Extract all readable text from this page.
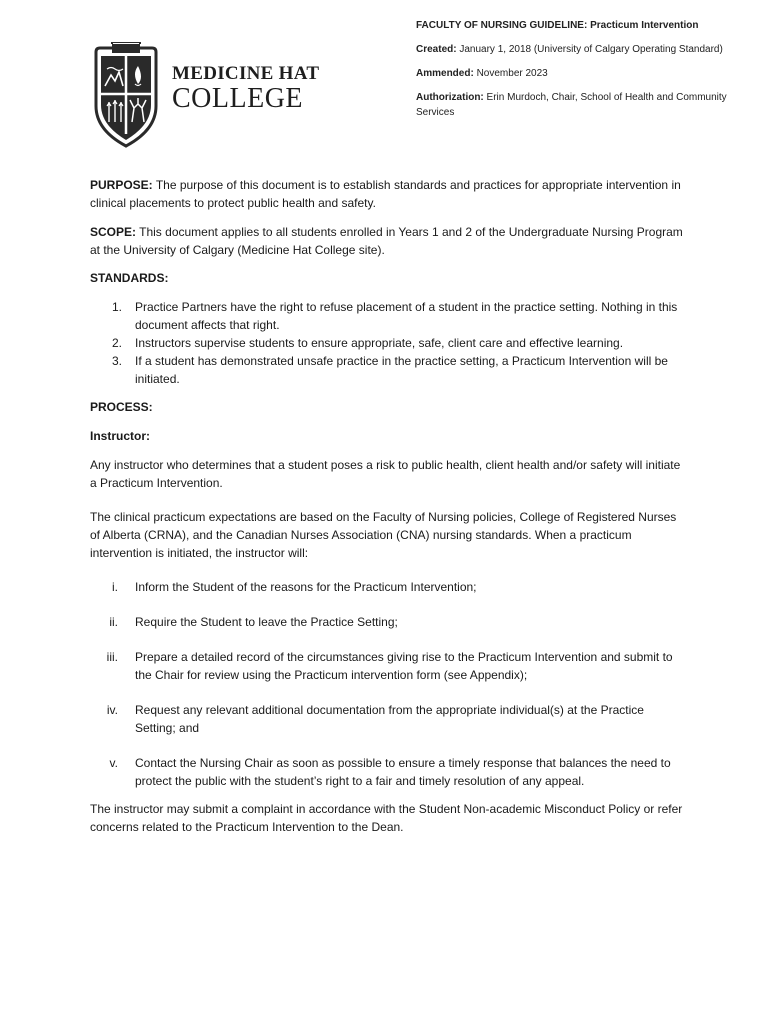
MEDICINE HAT
COLLEGE
FACULTY OF NURSING GUIDELINE: Practicum Intervention
Created: January 1, 2018 (University of Calgary Operating Standard)
Ammended: November 2023
Authorization: Erin Murdoch, Chair, School of Health and Community Services

PURPOSE: The purpose of this document is to establish standards and practices for appropriate intervention in clinical placements to protect public health and safety.

SCOPE: This document applies to all students enrolled in Years 1 and 2 of the Undergraduate Nursing Program at the University of Calgary (Medicine Hat College site).

STANDARDS:

1. Practice Partners have the right to refuse placement of a student in the practice setting. Nothing in this document affects that right.
2. Instructors supervise students to ensure appropriate, safe, client care and effective learning.
3. If a student has demonstrated unsafe practice in the practice setting, a Practicum Intervention will be initiated.

PROCESS:

Instructor:

Any instructor who determines that a student poses a risk to public health, client health and/or safety will initiate a Practicum Intervention.

The clinical practicum expectations are based on the Faculty of Nursing policies, College of Registered Nurses of Alberta (CRNA), and the Canadian Nurses Association (CNA) nursing standards. When a practicum intervention is initiated, the instructor will:

i. Inform the Student of the reasons for the Practicum Intervention;
ii. Require the Student to leave the Practice Setting;
iii. Prepare a detailed record of the circumstances giving rise to the Practicum Intervention and submit to the Chair for review using the Practicum intervention form (see Appendix);
iv. Request any relevant additional documentation from the appropriate individual(s) at the Practice Setting; and
v. Contact the Nursing Chair as soon as possible to ensure a timely response that balances the need to protect the public with the student’s right to a fair and timely resolution of any appeal.

The instructor may submit a complaint in accordance with the Student Non-academic Misconduct Policy or refer concerns related to the Practicum Intervention to the Dean.
